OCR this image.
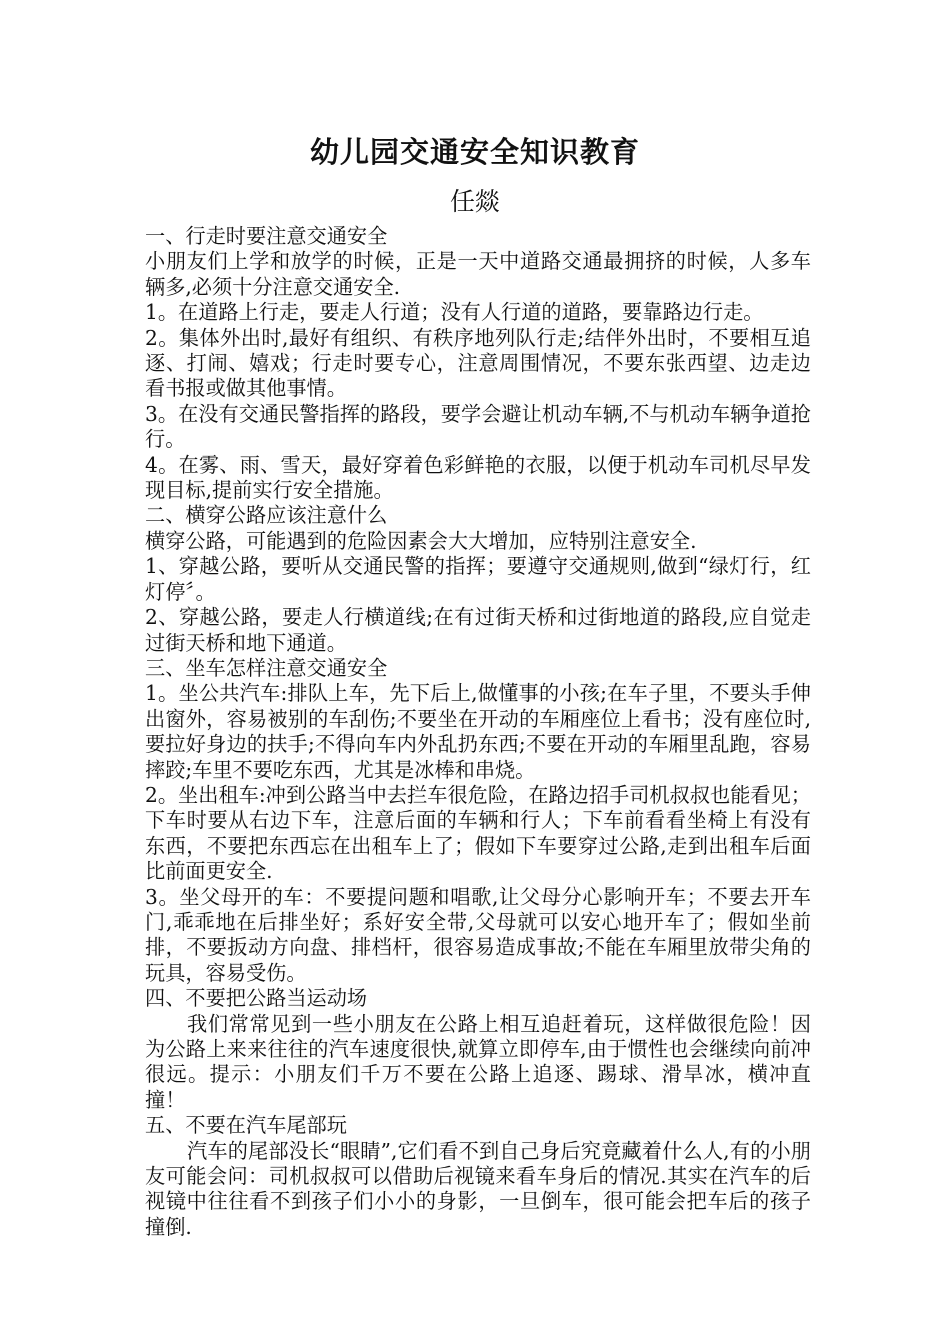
幼儿园交通安全知识教育
任燚

一、行走时要注意交通安全

小朋友们上学和放学的时候，正是一天中道路交通最拥挤的时候，人多车辆多,必须十分注意交通安全.

1。在道路上行走，要走人行道；没有人行道的道路，要靠路边行走。

2。集体外出时,最好有组织、有秩序地列队行走;结伴外出时，不要相互追逐、打闹、嬉戏；行走时要专心，注意周围情况，不要东张西望、边走边看书报或做其他事情。

3。在没有交通民警指挥的路段，要学会避让机动车辆,不与机动车辆争道抢行。

4。在雾、雨、雪天，最好穿着色彩鲜艳的衣服，以便于机动车司机尽早发现目标,提前实行安全措施。

二、横穿公路应该注意什么

横穿公路，可能遇到的危险因素会大大增加，应特别注意安全.

1、穿越公路，要听从交通民警的指挥；要遵守交通规则,做到“绿灯行，红灯停〞。

2、穿越公路，要走人行横道线;在有过街天桥和过街地道的路段,应自觉走过街天桥和地下通道。

三、坐车怎样注意交通安全

1。坐公共汽车:排队上车，先下后上,做懂事的小孩;在车子里，不要头手伸出窗外，容易被别的车刮伤;不要坐在开动的车厢座位上看书；没有座位时,要拉好身边的扶手;不得向车内外乱扔东西;不要在开动的车厢里乱跑，容易摔跤;车里不要吃东西，尤其是冰棒和串烧。

2。坐出租车:冲到公路当中去拦车很危险，在路边招手司机叔叔也能看见；下车时要从右边下车，注意后面的车辆和行人；下车前看看坐椅上有没有东西，不要把东西忘在出租车上了；假如下车要穿过公路,走到出租车后面比前面更安全.

3。坐父母开的车：不要提问题和唱歌,让父母分心影响开车；不要去开车门,乖乖地在后排坐好；系好安全带,父母就可以安心地开车了；假如坐前排，不要扳动方向盘、排档杆，很容易造成事故;不能在车厢里放带尖角的玩具，容易受伤。

四、不要把公路当运动场

我们常常见到一些小朋友在公路上相互追赶着玩，这样做很危险！因为公路上来来往往的汽车速度很快,就算立即停车,由于惯性也会继续向前冲很远。提示：小朋友们千万不要在公路上追逐、踢球、滑旱冰，横冲直撞！

五、不要在汽车尾部玩

汽车的尾部没长“眼睛”,它们看不到自己身后究竟藏着什么人,有的小朋友可能会问：司机叔叔可以借助后视镜来看车身后的情况.其实在汽车的后视镜中往往看不到孩子们小小的身影，一旦倒车，很可能会把车后的孩子撞倒.
